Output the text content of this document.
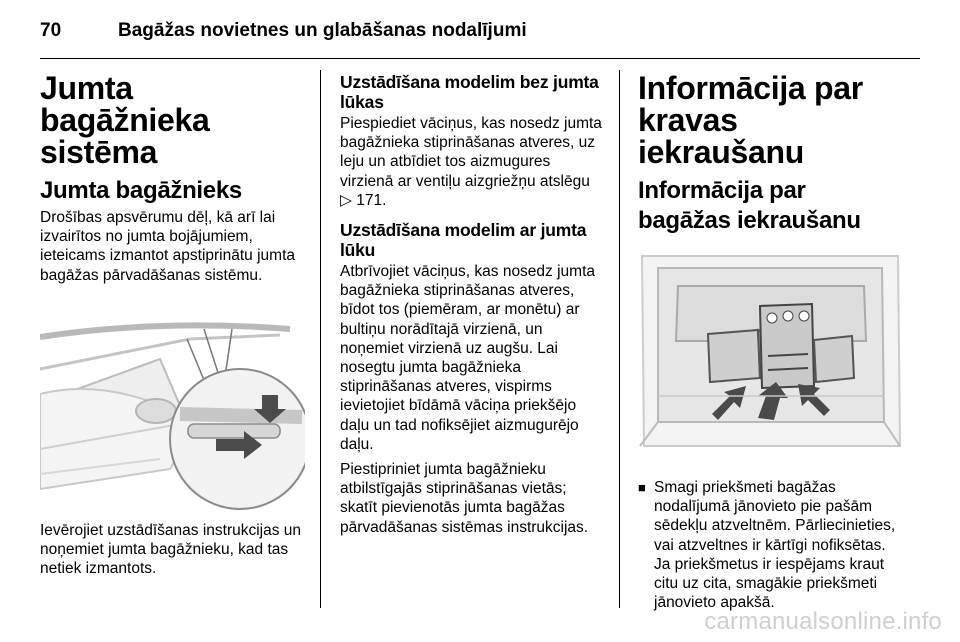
70	Bagāžas novietnes un glabāšanas nodalījumi
Jumta bagāžnieka sistēma
Jumta bagāžnieks

Drošības apsvērumu dēļ, kā arī lai izvairītos no jumta bojājumiem, ieteicams izmantot apstiprinātu jumta bagāžas pārvadāšanas sistēmu.

Ievērojiet uzstādīšanas instrukcijas un noņemiet jumta bagāžnieku, kad tas netiek izmantots.

Uzstādīšana modelim bez jumta lūkas

Piespiediet vāciņus, kas nosedz jumta bagāžnieka stiprināšanas atveres, uz leju un atbīdiet tos aizmugures virzienā ar ventiļu aizgriežņu atslēgu ▷ 171.

Uzstādīšana modelim ar jumta lūku

Atbrīvojiet vāciņus, kas nosedz jumta bagāžnieka stiprināšanas atveres, bīdot tos (piemēram, ar monētu) ar bultiņu norādītajā virzienā, un noņemiet virzienā uz augšu. Lai nosegtu jumta bagāžnieka stiprināšanas atveres, vispirms ievietojiet bīdāmā vāciņa priekšējo daļu un tad nofiksējiet aizmugurējo daļu.

Piestipriniet jumta bagāžnieku atbilstīgajās stiprināšanas vietās; skatīt pievienotās jumta bagāžas pārvadāšanas sistēmas instrukcijas.

Informācija par kravas iekraušanu
Informācija par bagāžas iekraušanu
■ Smagi priekšmeti bagāžas nodalījumā jānovieto pie pašām sēdekļu atzveltnēm. Pārliecinieties, vai atzveltnes ir kārtīgi nofiksētas. Ja priekšmetus ir iespējams kraut citu uz cita, smagākie priekšmeti jānovieto apakšā.
carmanualsonline.info
